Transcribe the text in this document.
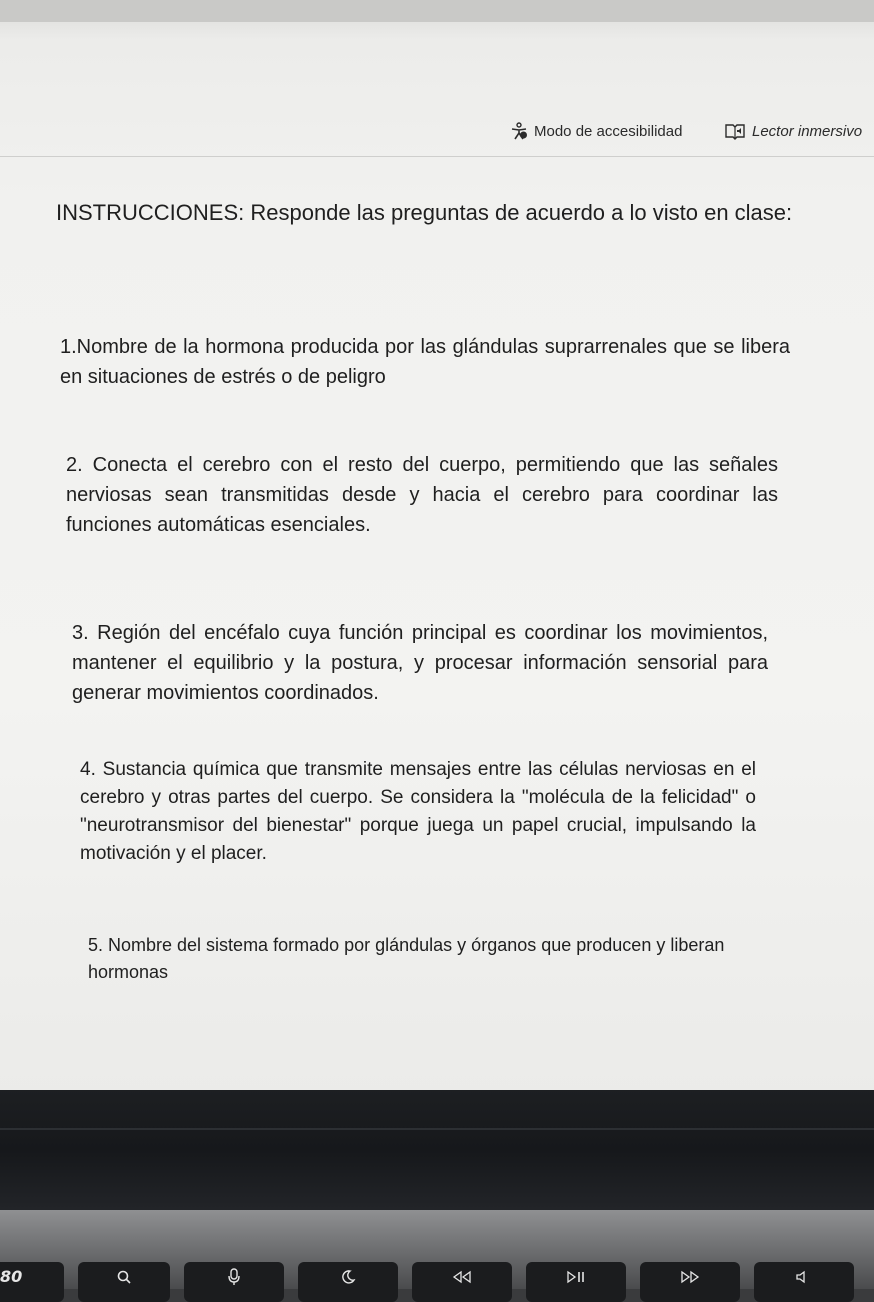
Modo de accesibilidad	Lector inmersivo
INSTRUCCIONES: Responde las preguntas de acuerdo a lo visto en clase:
1.Nombre de la hormona producida por las glándulas suprarrenales que se libera en situaciones de estrés o de peligro
2. Conecta el cerebro con el resto del cuerpo, permitiendo que las señales nerviosas sean transmitidas desde y hacia el cerebro para coordinar las funciones automáticas esenciales.
3. Región del encéfalo cuya función principal es coordinar los movimientos, mantener el equilibrio y la postura, y procesar información sensorial para generar movimientos coordinados.
4. Sustancia química que transmite mensajes entre las células nerviosas en el cerebro y otras partes del cuerpo. Se considera la "molécula de la felicidad" o "neurotransmisor del bienestar" porque juega un papel crucial, impulsando la motivación y el placer.
5. Nombre del sistema formado por glándulas y órganos que producen y liberan hormonas
80
